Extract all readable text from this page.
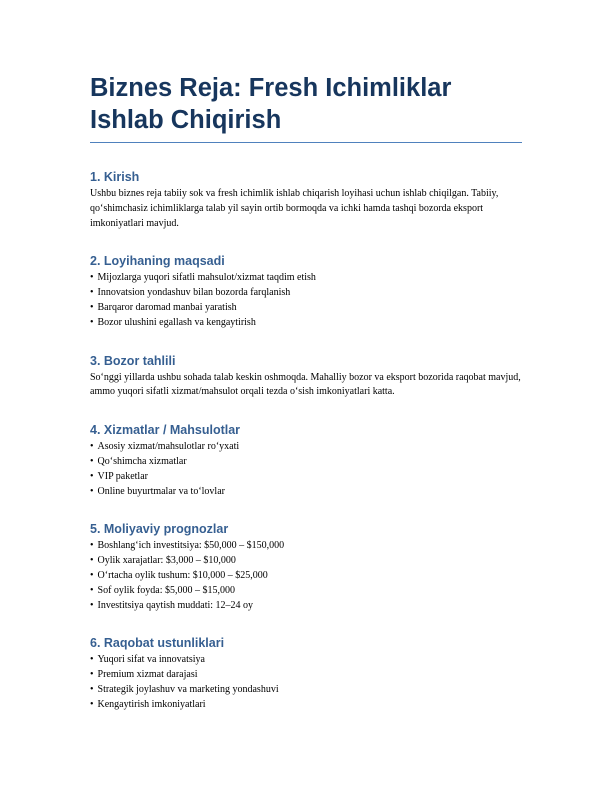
Biznes Reja: Fresh Ichimliklar Ishlab Chiqirish
1. Kirish

Ushbu biznes reja tabiiy sok va fresh ichimlik ishlab chiqarish loyihasi uchun ishlab chiqilgan. Tabiiy, qo‘shimchasiz ichimliklarga talab yil sayin ortib bormoqda va ichki hamda tashqi bozorda eksport imkoniyatlari mavjud.

2. Loyihaning maqsadi
• Mijozlarga yuqori sifatli mahsulot/xizmat taqdim etish
• Innovatsion yondashuv bilan bozorda farqlanish
• Barqaror daromad manbai yaratish
• Bozor ulushini egallash va kengaytirish
3. Bozor tahlili

So‘nggi yillarda ushbu sohada talab keskin oshmoqda. Mahalliy bozor va eksport bozorida raqobat mavjud, ammo yuqori sifatli xizmat/mahsulot orqali tezda o‘sish imkoniyatlari katta.

4. Xizmatlar / Mahsulotlar
• Asosiy xizmat/mahsulotlar ro‘yxati
• Qo‘shimcha xizmatlar
• VIP paketlar
• Online buyurtmalar va to‘lovlar
5. Moliyaviy prognozlar
• Boshlang‘ich investitsiya: $50,000 – $150,000
• Oylik xarajatlar: $3,000 – $10,000
• O‘rtacha oylik tushum: $10,000 – $25,000
• Sof oylik foyda: $5,000 – $15,000
• Investitsiya qaytish muddati: 12–24 oy
6. Raqobat ustunliklari
• Yuqori sifat va innovatsiya
• Premium xizmat darajasi
• Strategik joylashuv va marketing yondashuvi
• Kengaytirish imkoniyatlari
